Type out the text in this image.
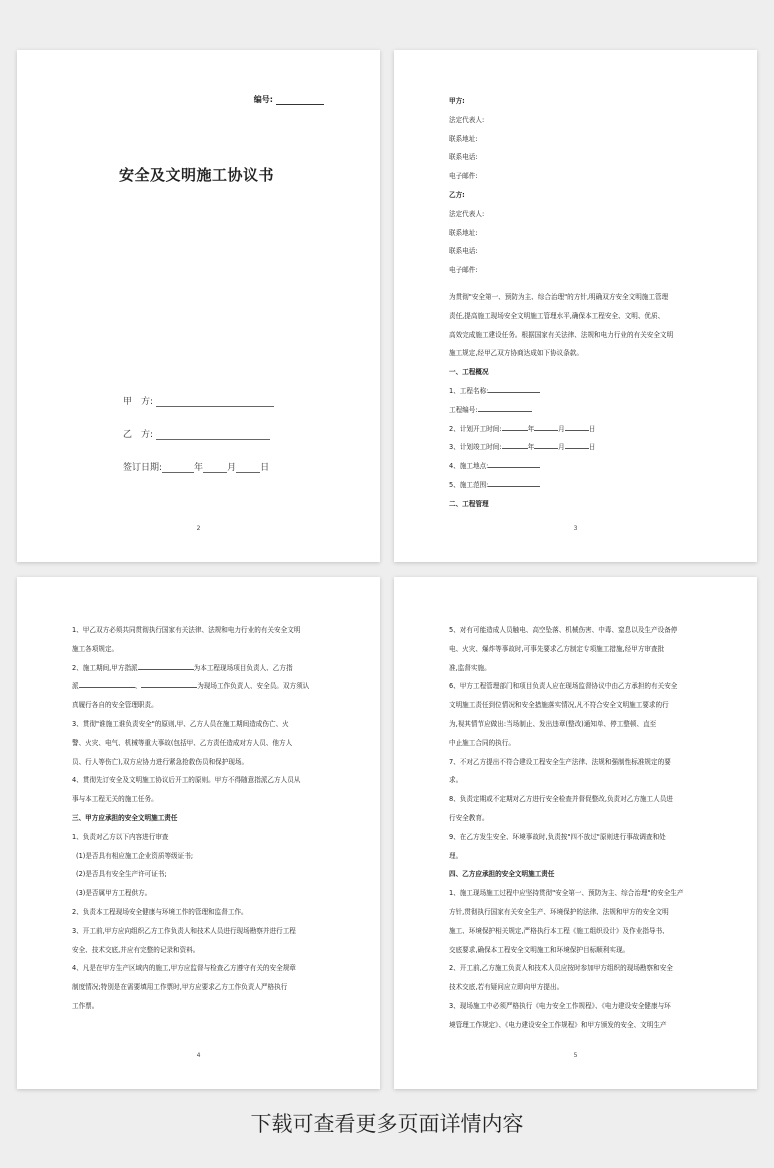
编号:
安全及文明施工协议书
甲　方:
乙　方:
签订日期:	年	月	日
2

甲方:

法定代表人:

联系地址:

联系电话:

电子邮件:

乙方:

法定代表人:

联系地址:

联系电话:

电子邮件:

为贯彻"安全第一、预防为主、综合治理"的方针,明确双方安全文明施工管理

责任,提高施工现场安全文明施工管理水平,确保本工程安全、文明、优质、

高效完成施工建设任务。根据国家有关法律、法规和电力行业的有关安全文明

施工规定,经甲乙双方协商达成如下协议条款。

一、工程概况

1、工程名称:

工程编号:

2、计划开工时间:	年	月	日

3、计划竣工时间:	年	月	日

4、施工地点:

5、施工范围:

二、工程管理

3

1、甲乙双方必须共同贯彻执行国家有关法律、法规和电力行业的有关安全文明

施工各项规定。

2、施工期间,甲方指派	为本工程现场项目负责人、乙方指

派	、	为现场工作负责人、安全员。双方须认

真履行各自的安全管理职责。

3、贯彻"谁施工谁负责安全"的原则,甲、乙方人员在施工期间造成伤亡、火

警、火灾、电气、机械等重大事故(包括甲、乙方责任造成对方人员、他方人

员、行人等伤亡),双方应协力进行紧急抢救伤员和保护现场。

4、贯彻先订安全及文明施工协议后开工的原则。甲方不得随意指派乙方人员从

事与本工程无关的施工任务。

三、甲方应承担的安全文明施工责任

1、负责对乙方以下内容进行审查

(1)是否具有相应施工企业资质等级证书;

(2)是否具有安全生产许可证书;

(3)是否属甲方工程供方。

2、负责本工程现场安全健康与环境工作的管理和监督工作。

3、开工前,甲方应向组织乙方工作负责人和技术人员进行现场勘察并进行工程

安全、技术交底,并应有完整的记录和资料。

4、凡是在甲方生产区域内的施工,甲方应监督与检查乙方遵守有关的安全规章

制度情况;特别是在需要填用工作票时,甲方应要求乙方工作负责人严格执行

工作票。

4

5、对有可能造成人员触电、高空坠落、机械伤害、中毒、窒息以及生产设备停

电、火灾、爆炸等事故时,可事先要求乙方制定专项施工措施,经甲方审查批

准,监督实施。

6、甲方工程管理部门和项目负责人应在现场监督协议中由乙方承担的有关安全

文明施工责任到位情况和安全措施落实情况,凡不符合安全文明施工要求的行

为,视其情节应做出:当场制止、发出违章(整改)通知单、停工整顿、直至

中止施工合同的执行。

7、不对乙方提出不符合建设工程安全生产法律、法规和强制性标准规定的要

求。

8、负责定期或不定期对乙方进行安全检查并督促整改,负责对乙方施工人员进

行安全教育。

9、在乙方发生安全、环境事故时,负责按"四不放过"原则进行事故调查和处

理。

四、乙方应承担的安全文明施工责任

1、施工现场施工过程中应坚持贯彻"安全第一、预防为主、综合治理"的安全生产

方针,贯彻执行国家有关安全生产、环境保护的法律、法规和甲方的安全文明

施工、环境保护相关规定,严格执行本工程《施工组织设计》及作业指导书、

交底要求,确保本工程安全文明施工和环境保护目标顺利实现。

2、开工前,乙方施工负责人和技术人员应按时参加甲方组织的现场勘察和安全

技术交底,若有疑问应立即向甲方提出。

3、现场施工中必须严格执行《电力安全工作规程》、《电力建设安全健康与环

境管理工作规定》、《电力建设安全工作规程》和甲方颁发的安全、文明生产

5
下载可查看更多页面详情内容
